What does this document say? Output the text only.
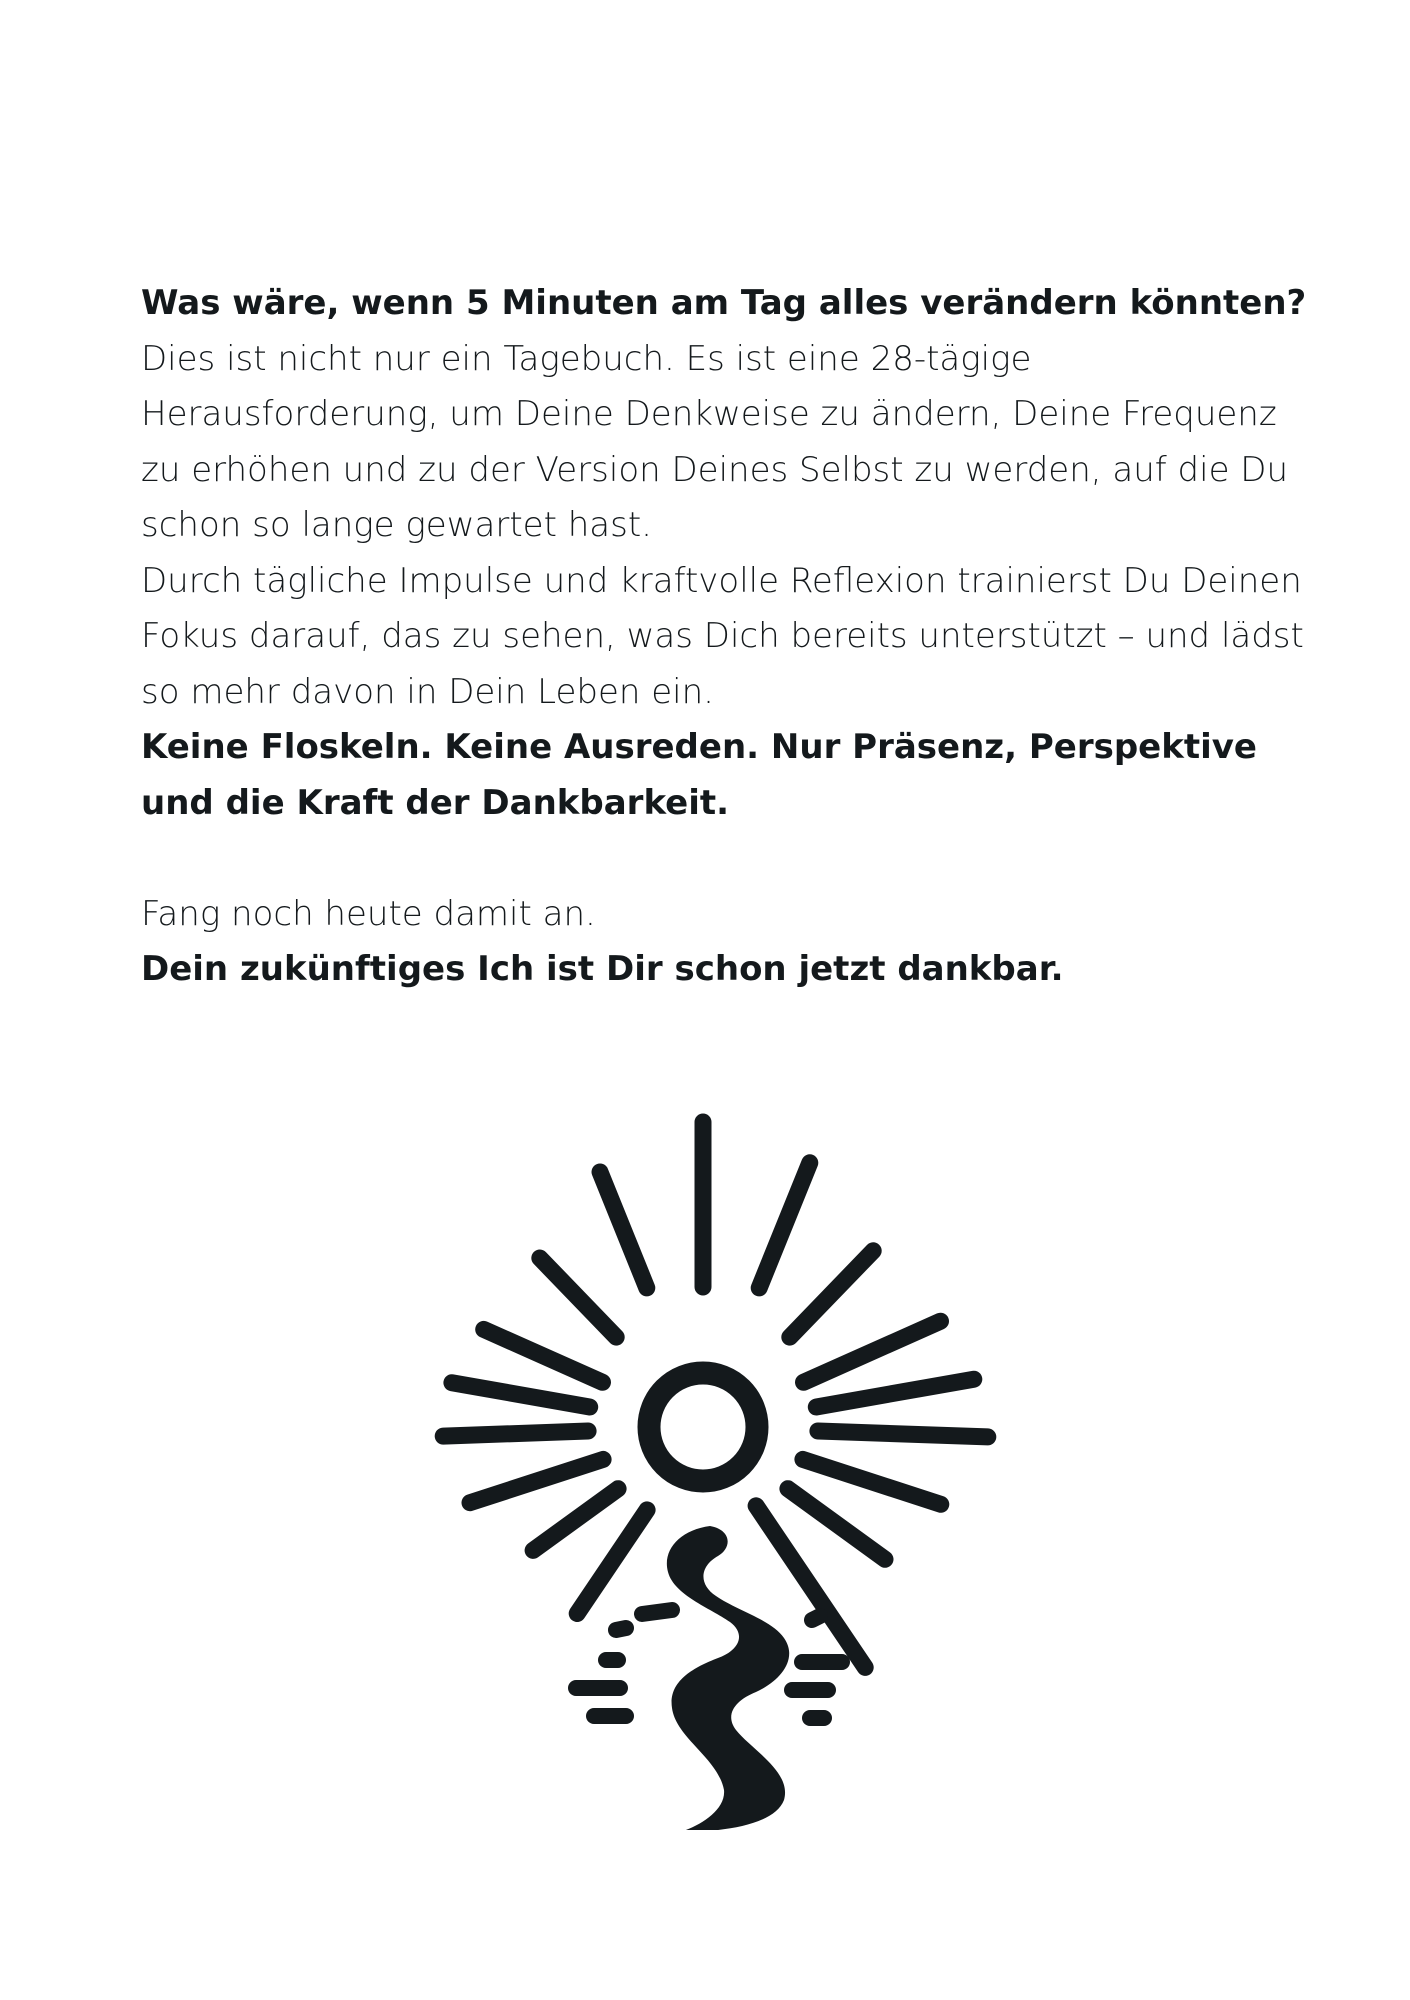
Was wäre, wenn 5 Minuten am Tag alles verändern könnten?

Dies ist nicht nur ein Tagebuch. Es ist eine 28-tägige Herausforderung, um Deine Denkweise zu ändern, Deine Frequenz zu erhöhen und zu der Version Deines Selbst zu werden, auf die Du schon so lange gewartet hast.

Durch tägliche Impulse und kraftvolle Reflexion trainierst Du Deinen Fokus darauf, das zu sehen, was Dich bereits unterstützt – und lädst so mehr davon in Dein Leben ein.

Keine Floskeln. Keine Ausreden. Nur Präsenz, Perspektive und die Kraft der Dankbarkeit.

Fang noch heute damit an.

Dein zukünftiges Ich ist Dir schon jetzt dankbar.
